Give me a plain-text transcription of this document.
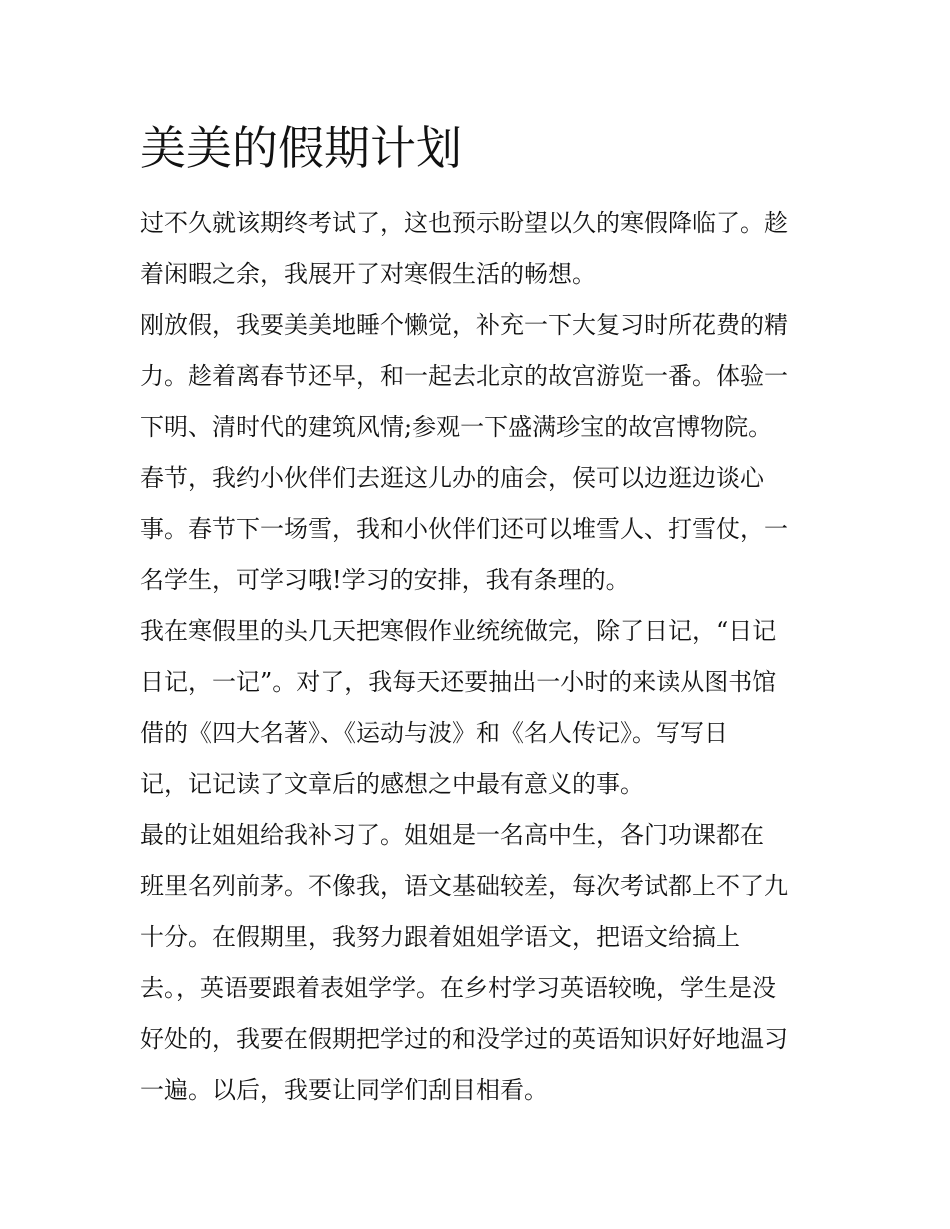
美美的假期计划
过不久就该期终考试了，这也预示盼望以久的寒假降临了。趁
着闲暇之余，我展开了对寒假生活的畅想。
刚放假，我要美美地睡个懒觉，补充一下大复习时所花费的精
力。趁着离春节还早，和一起去北京的故宫游览一番。体验一
下明、清时代的建筑风情;参观一下盛满珍宝的故宫博物院。
春节，我约小伙伴们去逛这儿办的庙会，侯可以边逛边谈心
事。春节下一场雪，我和小伙伴们还可以堆雪人、打雪仗，一
名学生，可学习哦!学习的安排，我有条理的。
我在寒假里的头几天把寒假作业统统做完，除了日记，“日记
日记，一记”。对了，我每天还要抽出一小时的来读从图书馆
借的《四大名著》、《运动与波》和《名人传记》。写写日
记，记记读了文章后的感想之中最有意义的事。
最的让姐姐给我补习了。姐姐是一名高中生，各门功课都在
班里名列前茅。不像我，语文基础较差，每次考试都上不了九
十分。在假期里，我努力跟着姐姐学语文，把语文给搞上
去。，英语要跟着表姐学学。在乡村学习英语较晚，学生是没
好处的，我要在假期把学过的和没学过的英语知识好好地温习
一遍。以后，我要让同学们刮目相看。
